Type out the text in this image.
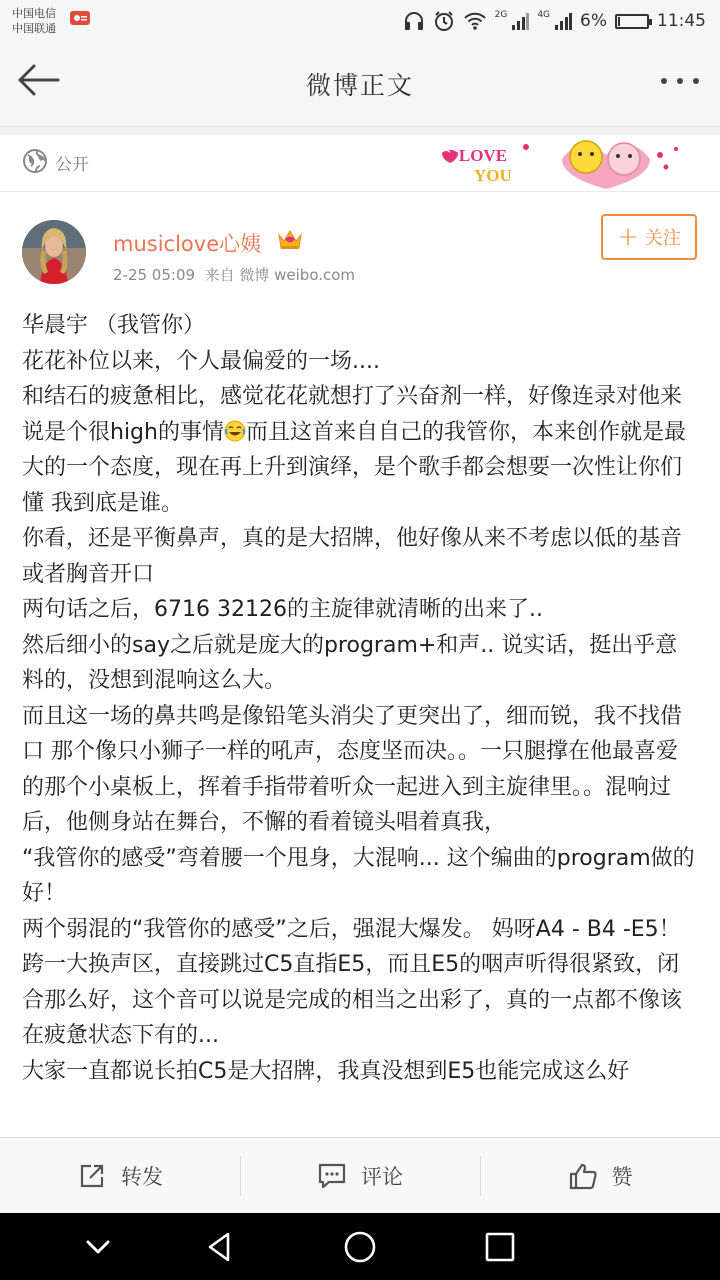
中国电信
中国联通
2G	4G 6%	11:45
微博正文
公开	I LOVE
YOU
musiclove心姨
2-25 05:09 来自 微博 weibo.com
+ 关注

华晨宇 （我管你）

花花补位以来，个人最偏爱的一场....

和结石的疲惫相比，感觉花花就想打了兴奋剂一样，好像连录对他来说是个很high的事情 而且这首来自自己的我管你，本来创作就是最大的一个态度，现在再上升到演绎，是个歌手都会想要一次性让你们懂 我到底是谁。

你看，还是平衡鼻声，真的是大招牌，他好像从来不考虑以低的基音或者胸音开口

两句话之后，6716 32126的主旋律就清晰的出来了..

然后细小的say之后就是庞大的program+和声.. 说实话，挺出乎意料的，没想到混响这么大。

而且这一场的鼻共鸣是像铅笔头消尖了更突出了，细而锐，我不找借口 那个像只小狮子一样的吼声，态度坚而决。。一只腿撑在他最喜爱的那个小桌板上，挥着手指带着听众一起进入到主旋律里。。混响过后，他侧身站在舞台，不懈的看着镜头唱着真我，

“我管你的感受”弯着腰一个甩身，大混响... 这个编曲的program做的好！

两个弱混的“我管你的感受”之后，强混大爆发。 妈呀A4 - B4 -E5！跨一大换声区，直接跳过C5直指E5，而且E5的咽声听得很紧致，闭合那么好，这个音可以说是完成的相当之出彩了，真的一点都不像该在疲惫状态下有的...

大家一直都说长拍C5是大招牌，我真没想到E5也能完成这么好

转发	评论	赞
